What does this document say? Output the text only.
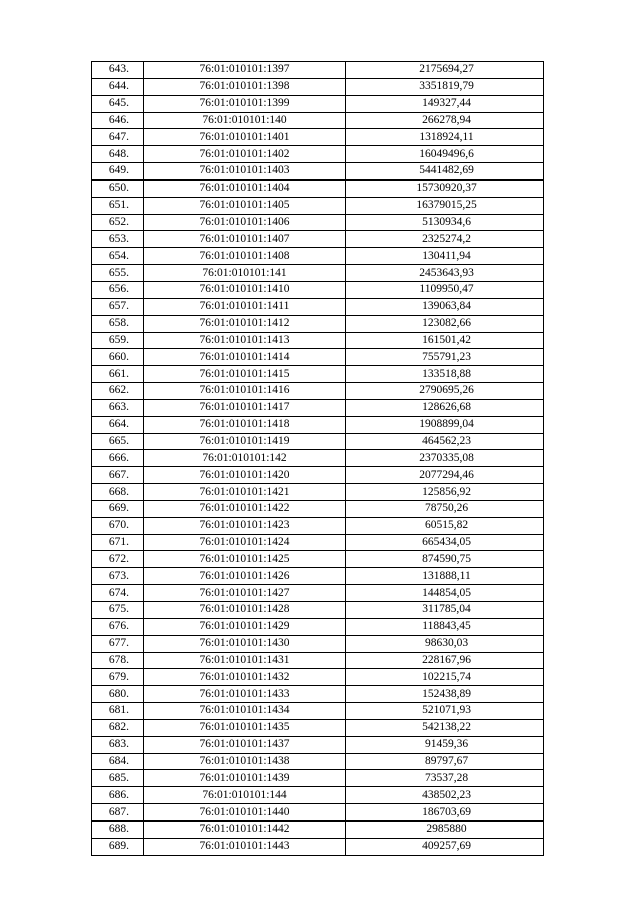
643.	76:01:010101:1397	2175694,27
644.	76:01:010101:1398	3351819,79
645.	76:01:010101:1399	149327,44
646.	76:01:010101:140	266278,94
647.	76:01:010101:1401	1318924,11
648.	76:01:010101:1402	16049496,6
649.	76:01:010101:1403	5441482,69
650.	76:01:010101:1404	15730920,37
651.	76:01:010101:1405	16379015,25
652.	76:01:010101:1406	5130934,6
653.	76:01:010101:1407	2325274,2
654.	76:01:010101:1408	130411,94
655.	76:01:010101:141	2453643,93
656.	76:01:010101:1410	1109950,47
657.	76:01:010101:1411	139063,84
658.	76:01:010101:1412	123082,66
659.	76:01:010101:1413	161501,42
660.	76:01:010101:1414	755791,23
661.	76:01:010101:1415	133518,88
662.	76:01:010101:1416	2790695,26
663.	76:01:010101:1417	128626,68
664.	76:01:010101:1418	1908899,04
665.	76:01:010101:1419	464562,23
666.	76:01:010101:142	2370335,08
667.	76:01:010101:1420	2077294,46
668.	76:01:010101:1421	125856,92
669.	76:01:010101:1422	78750,26
670.	76:01:010101:1423	60515,82
671.	76:01:010101:1424	665434,05
672.	76:01:010101:1425	874590,75
673.	76:01:010101:1426	131888,11
674.	76:01:010101:1427	144854,05
675.	76:01:010101:1428	311785,04
676.	76:01:010101:1429	118843,45
677.	76:01:010101:1430	98630,03
678.	76:01:010101:1431	228167,96
679.	76:01:010101:1432	102215,74
680.	76:01:010101:1433	152438,89
681.	76:01:010101:1434	521071,93
682.	76:01:010101:1435	542138,22
683.	76:01:010101:1437	91459,36
684.	76:01:010101:1438	89797,67
685.	76:01:010101:1439	73537,28
686.	76:01:010101:144	438502,23
687.	76:01:010101:1440	186703,69
688.	76:01:010101:1442	2985880
689.	76:01:010101:1443	409257,69
